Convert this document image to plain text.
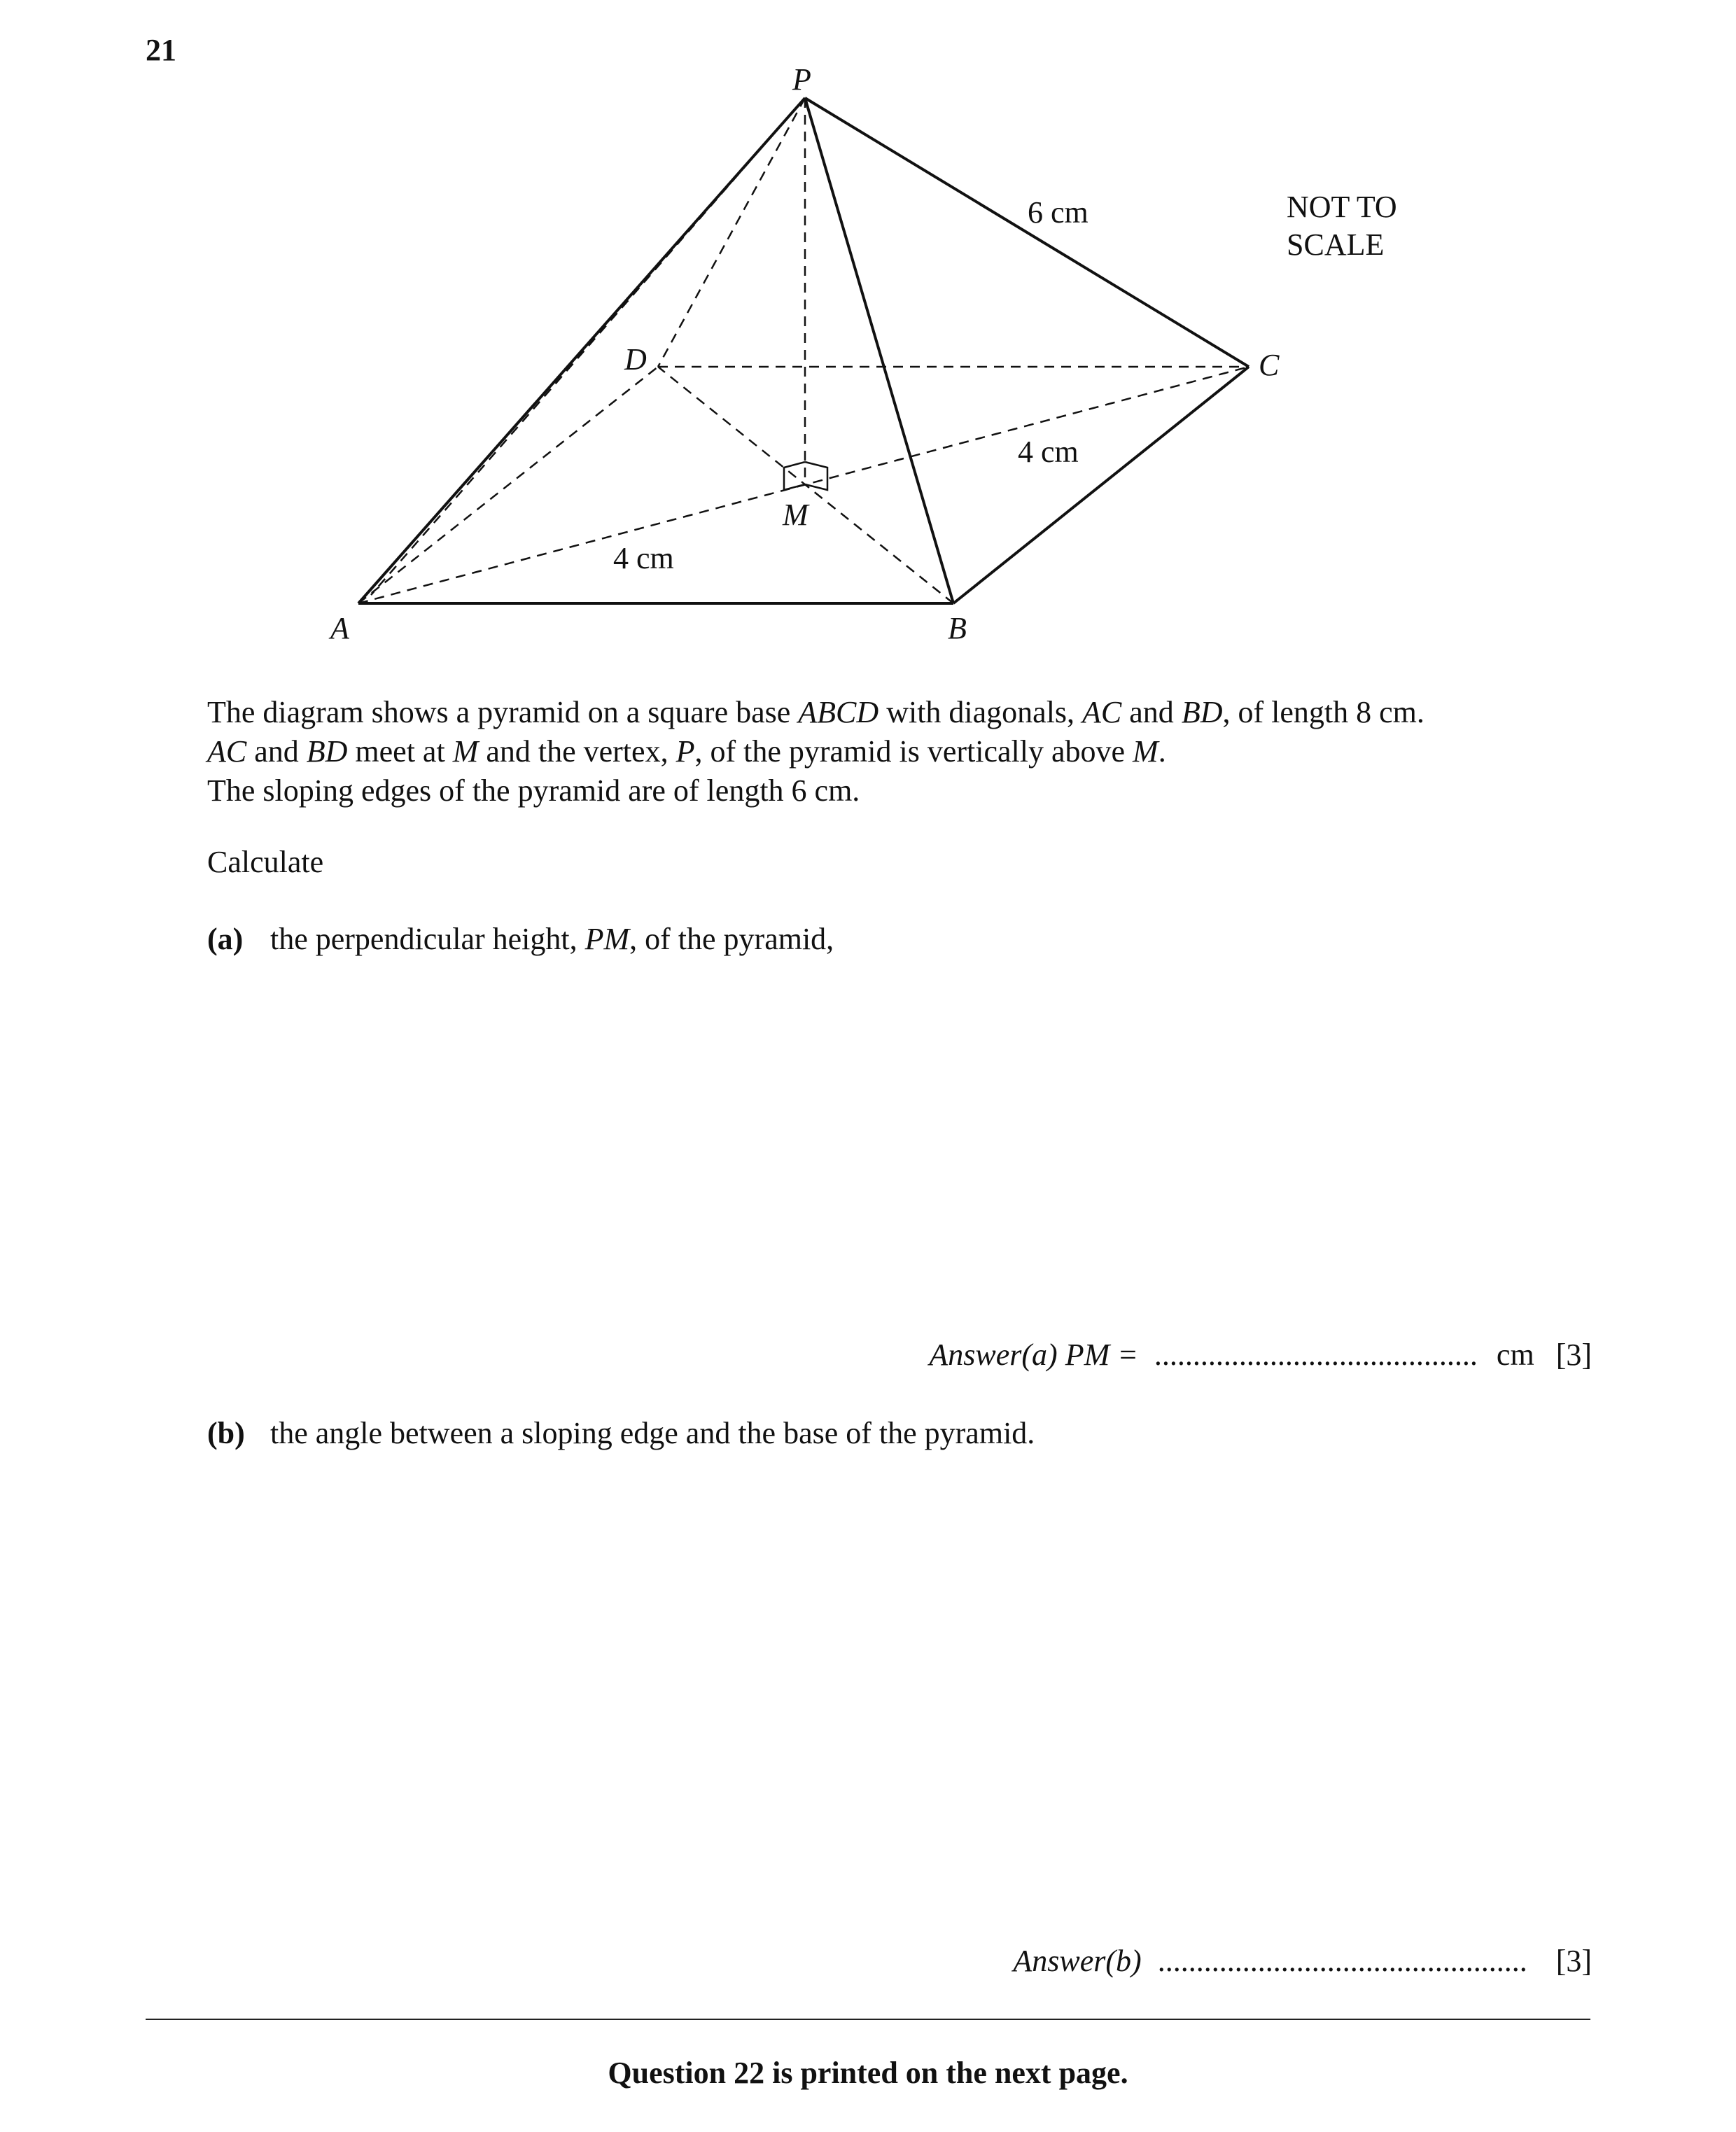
21
P
A	B
C
D
M
6 cm
4 cm
4 cm
NOT TO
SCALE
The diagram shows a pyramid on a square base ABCD with diagonals, AC and BD, of length 8 cm.
AC and BD meet at M and the vertex, P, of the pyramid is vertically above M.
The sloping edges of the pyramid are of length 6 cm.
Calculate
(a) the perpendicular height, PM, of the pyramid,
Answer(a) PM = .......................................... cm [3]
(b) the angle between a sloping edge and the base of the pyramid.
Answer(b) ................................................ [3]
Question 22 is printed on the next page.
